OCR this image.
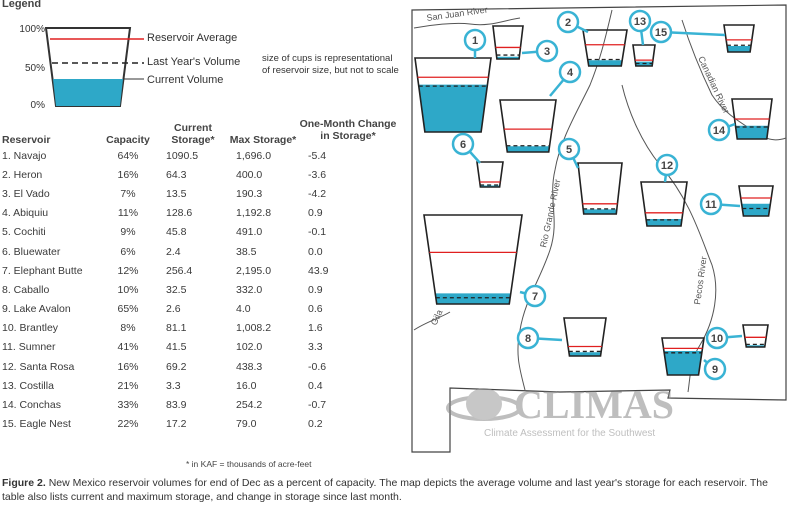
Legend
100%
50%
0%
Reservoir Average
Last Year's Volume
Current Volume
size of cups is representational of reservoir size, but not to scale
Reservoir	Capacity	Current Storage*	Max Storage*	One-Month Change in Storage*
1. Navajo	64%	1090.5	1,696.0	-5.4
2. Heron	16%	64.3	400.0	-3.6
3. El Vado	7%	13.5	190.3	-4.2
4. Abiquiu	11%	128.6	1,192.8	0.9
5. Cochiti	9%	45.8	491.0	-0.1
6. Bluewater	6%	2.4	38.5	0.0
7. Elephant Butte	12%	256.4	2,195.0	43.9
8. Caballo	10%	32.5	332.0	0.9
9. Lake Avalon	65%	2.6	4.0	0.6
10. Brantley	8%	81.1	1,008.2	1.6
11. Sumner	41%	41.5	102.0	3.3
12. Santa Rosa	16%	69.2	438.3	-0.6
13. Costilla	21%	3.3	16.0	0.4
14. Conchas	33%	83.9	254.2	-0.7
15. Eagle Nest	22%	17.2	79.0	0.2
* in KAF = thousands of acre-feet
San Juan River
Rio Grande River
Canadian River
Pecos River
Gila
1
2
3
4
5
6
7
8
9
10
11
12
13
14
15
CLIMAS
Climate Assessment for the Southwest
Figure 2. New Mexico reservoir volumes for end of Dec as a percent of capacity. The map depicts the average volume and last year's storage for each reservoir. The table also lists current and maximum storage, and change in storage since last month.
